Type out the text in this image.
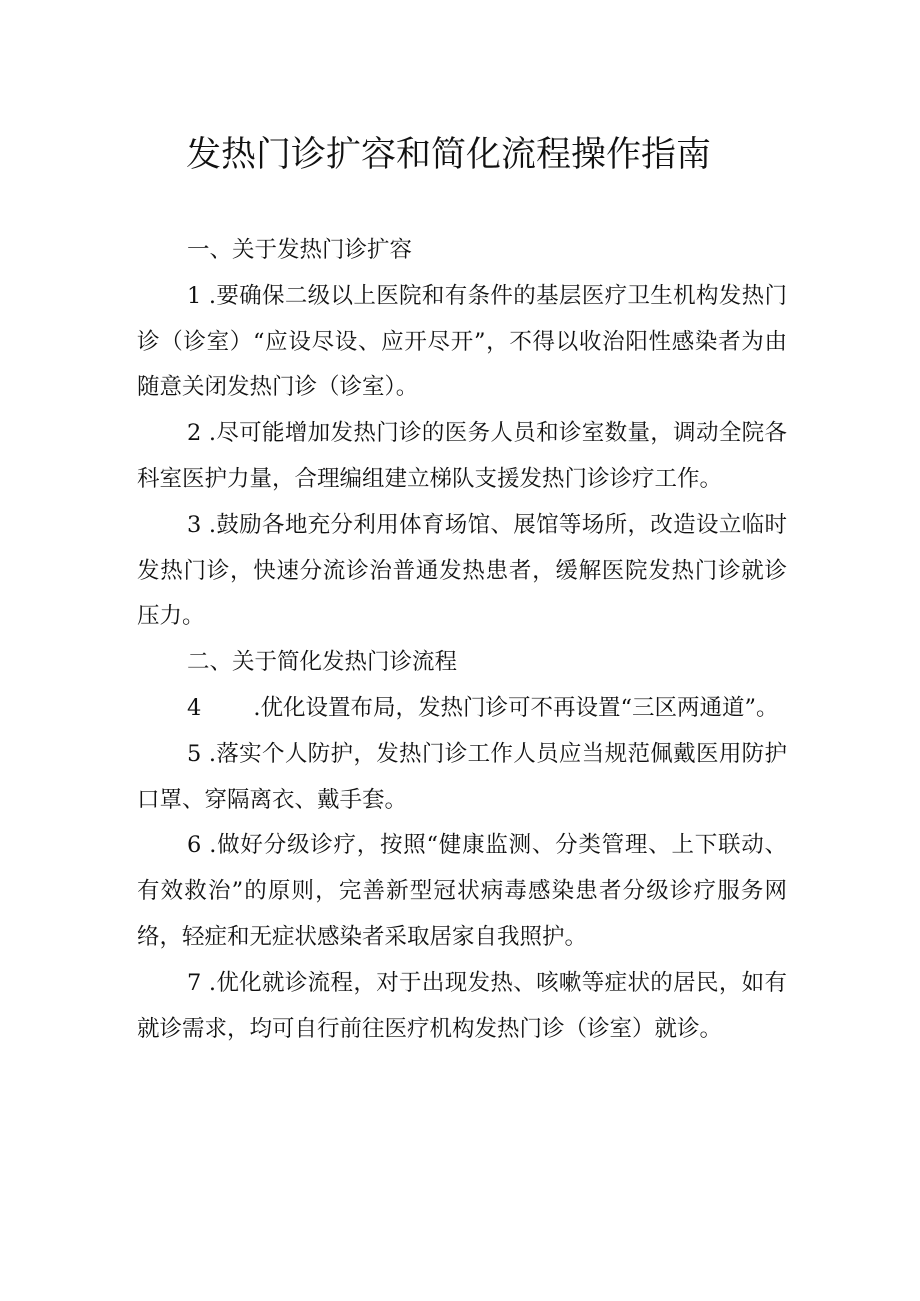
发热门诊扩容和简化流程操作指南

一、关于发热门诊扩容

1 .要确保二级以上医院和有条件的基层医疗卫生机构发热门诊（诊室）“应设尽设、应开尽开”，不得以收治阳性感染者为由随意关闭发热门诊（诊室）。

2 .尽可能增加发热门诊的医务人员和诊室数量，调动全院各科室医护力量，合理编组建立梯队支援发热门诊诊疗工作。

3 .鼓励各地充分利用体育场馆、展馆等场所，改造设立临时发热门诊，快速分流诊治普通发热患者，缓解医院发热门诊就诊压力。

二、关于简化发热门诊流程

4 .优化设置布局，发热门诊可不再设置“三区两通道”。

5 .落实个人防护，发热门诊工作人员应当规范佩戴医用防护口罩、穿隔离衣、戴手套。

6 .做好分级诊疗，按照“健康监测、分类管理、上下联动、有效救治”的原则，完善新型冠状病毒感染患者分级诊疗服务网络，轻症和无症状感染者采取居家自我照护。

7 .优化就诊流程，对于出现发热、咳嗽等症状的居民，如有就诊需求，均可自行前往医疗机构发热门诊（诊室）就诊。
